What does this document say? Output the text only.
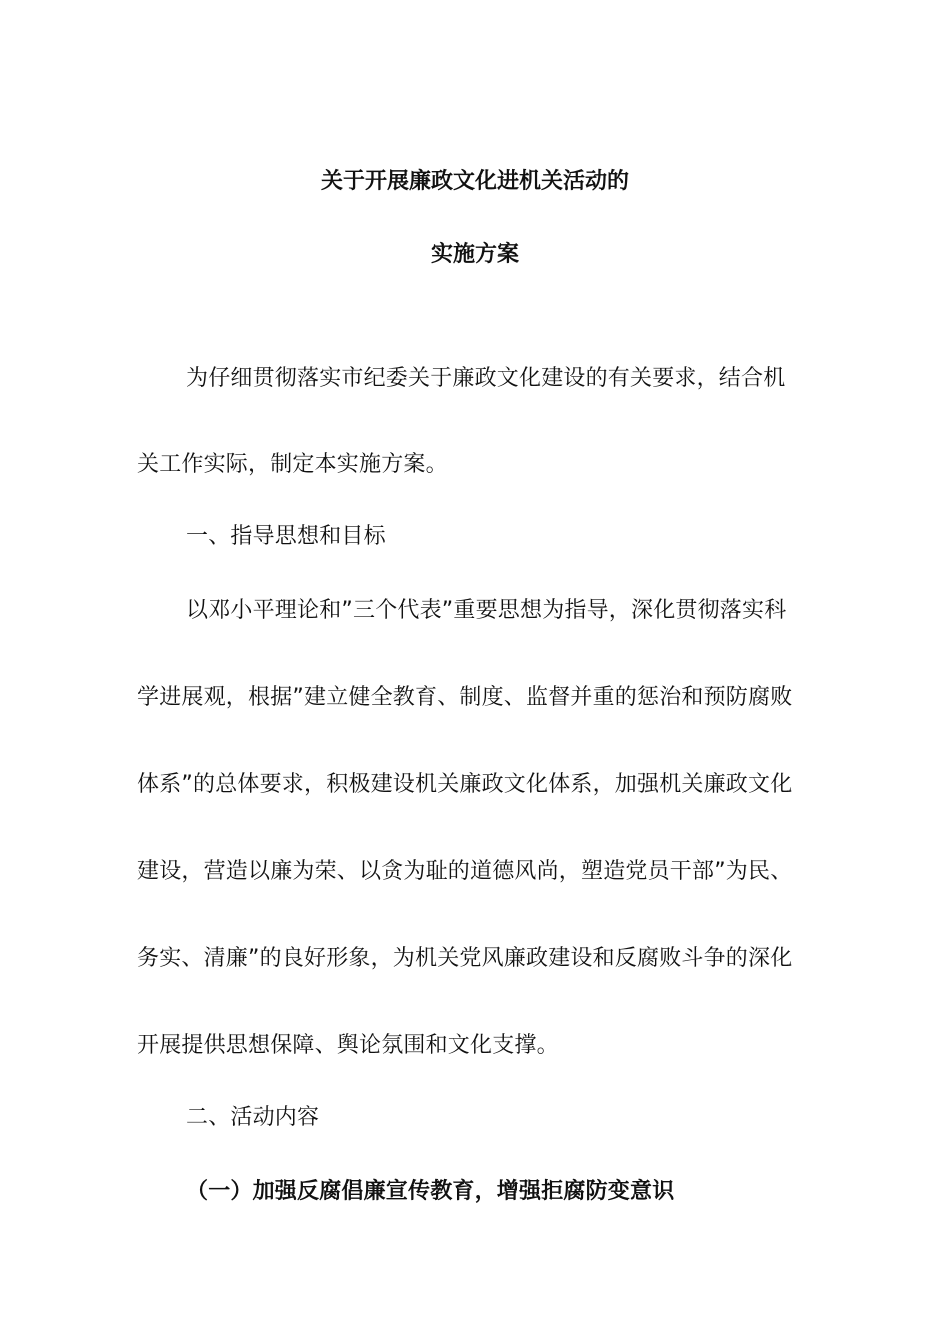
关于开展廉政文化进机关活动的
实施方案
为仔细贯彻落实市纪委关于廉政文化建设的有关要求，结合机
关工作实际，制定本实施方案。
一、指导思想和目标
以邓小平理论和”三个代表”重要思想为指导，深化贯彻落实科
学进展观，根据”建立健全教育、制度、监督并重的惩治和预防腐败
体系”的总体要求，积极建设机关廉政文化体系，加强机关廉政文化
建设，营造以廉为荣、以贪为耻的道德风尚，塑造党员干部”为民、
务实、清廉”的良好形象，为机关党风廉政建设和反腐败斗争的深化
开展提供思想保障、舆论氛围和文化支撑。
二、活动内容
（一）加强反腐倡廉宣传教育，增强拒腐防变意识
